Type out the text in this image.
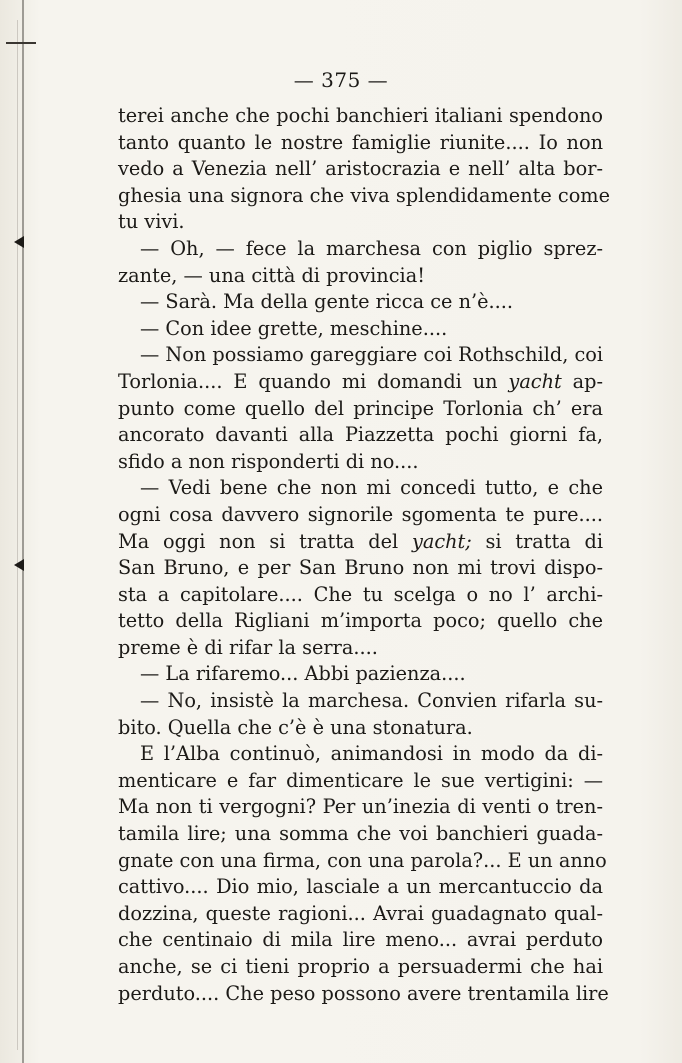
— 375 —
terei anche che pochi banchieri italiani spendono
tanto quanto le nostre famiglie riunite.... Io non
vedo a Venezia nell’ aristocrazia e nell’ alta bor-
ghesia una signora che viva splendidamente come
tu vivi.
— Oh, — fece la marchesa con piglio sprez-
zante, — una città di provincia!
— Sarà. Ma della gente ricca ce n’è....
— Con idee grette, meschine....
— Non possiamo gareggiare coi Rothschild, coi
Torlonia.... E quando mi domandi un yacht ap-
punto come quello del principe Torlonia ch’ era
ancorato davanti alla Piazzetta pochi giorni fa,
sfido a non risponderti di no....
— Vedi bene che non mi concedi tutto, e che
ogni cosa davvero signorile sgomenta te pure....
Ma oggi non si tratta del yacht; si tratta di
San Bruno, e per San Bruno non mi trovi dispo-
sta a capitolare.... Che tu scelga o no l’ archi-
tetto della Rigliani m’importa poco; quello che
preme è di rifar la serra....
— La rifaremo... Abbi pazienza....
— No, insistè la marchesa. Convien rifarla su-
bito. Quella che c’è è una stonatura.
E l’Alba continuò, animandosi in modo da di-
menticare e far dimenticare le sue vertigini: —
Ma non ti vergogni? Per un’inezia di venti o tren-
tamila lire; una somma che voi banchieri guada-
gnate con una firma, con una parola?... E un anno
cattivo.... Dio mio, lasciale a un mercantuccio da
dozzina, queste ragioni... Avrai guadagnato qual-
che centinaio di mila lire meno... avrai perduto
anche, se ci tieni proprio a persuadermi che hai
perduto.... Che peso possono avere trentamila lire
